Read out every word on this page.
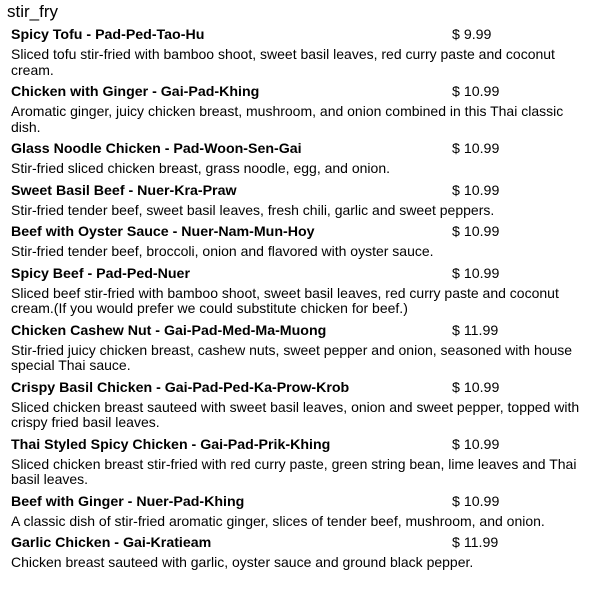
stir_fry
Spicy Tofu - Pad-Ped-Tao-Hu	$ 9.99
Sliced tofu stir-fried with bamboo shoot, sweet basil leaves, red curry paste and coconut cream.
Chicken with Ginger - Gai-Pad-Khing	$ 10.99
Aromatic ginger, juicy chicken breast, mushroom, and onion combined in this Thai classic dish.
Glass Noodle Chicken - Pad-Woon-Sen-Gai	$ 10.99
Stir-fried sliced chicken breast, grass noodle, egg, and onion.
Sweet Basil Beef - Nuer-Kra-Praw	$ 10.99
Stir-fried tender beef, sweet basil leaves, fresh chili, garlic and sweet peppers.
Beef with Oyster Sauce - Nuer-Nam-Mun-Hoy	$ 10.99
Stir-fried tender beef, broccoli, onion and flavored with oyster sauce.
Spicy Beef - Pad-Ped-Nuer	$ 10.99
Sliced beef stir-fried with bamboo shoot, sweet basil leaves, red curry paste and coconut cream.(If you would prefer we could substitute chicken for beef.)
Chicken Cashew Nut - Gai-Pad-Med-Ma-Muong	$ 11.99
Stir-fried juicy chicken breast, cashew nuts, sweet pepper and onion, seasoned with house special Thai sauce.
Crispy Basil Chicken - Gai-Pad-Ped-Ka-Prow-Krob	$ 10.99
Sliced chicken breast sauteed with sweet basil leaves, onion and sweet pepper, topped with crispy fried basil leaves.
Thai Styled Spicy Chicken - Gai-Pad-Prik-Khing	$ 10.99
Sliced chicken breast stir-fried with red curry paste, green string bean, lime leaves and Thai basil leaves.
Beef with Ginger - Nuer-Pad-Khing	$ 10.99
A classic dish of stir-fried aromatic ginger, slices of tender beef, mushroom, and onion.
Garlic Chicken - Gai-Kratieam	$ 11.99
Chicken breast sauteed with garlic, oyster sauce and ground black pepper.
